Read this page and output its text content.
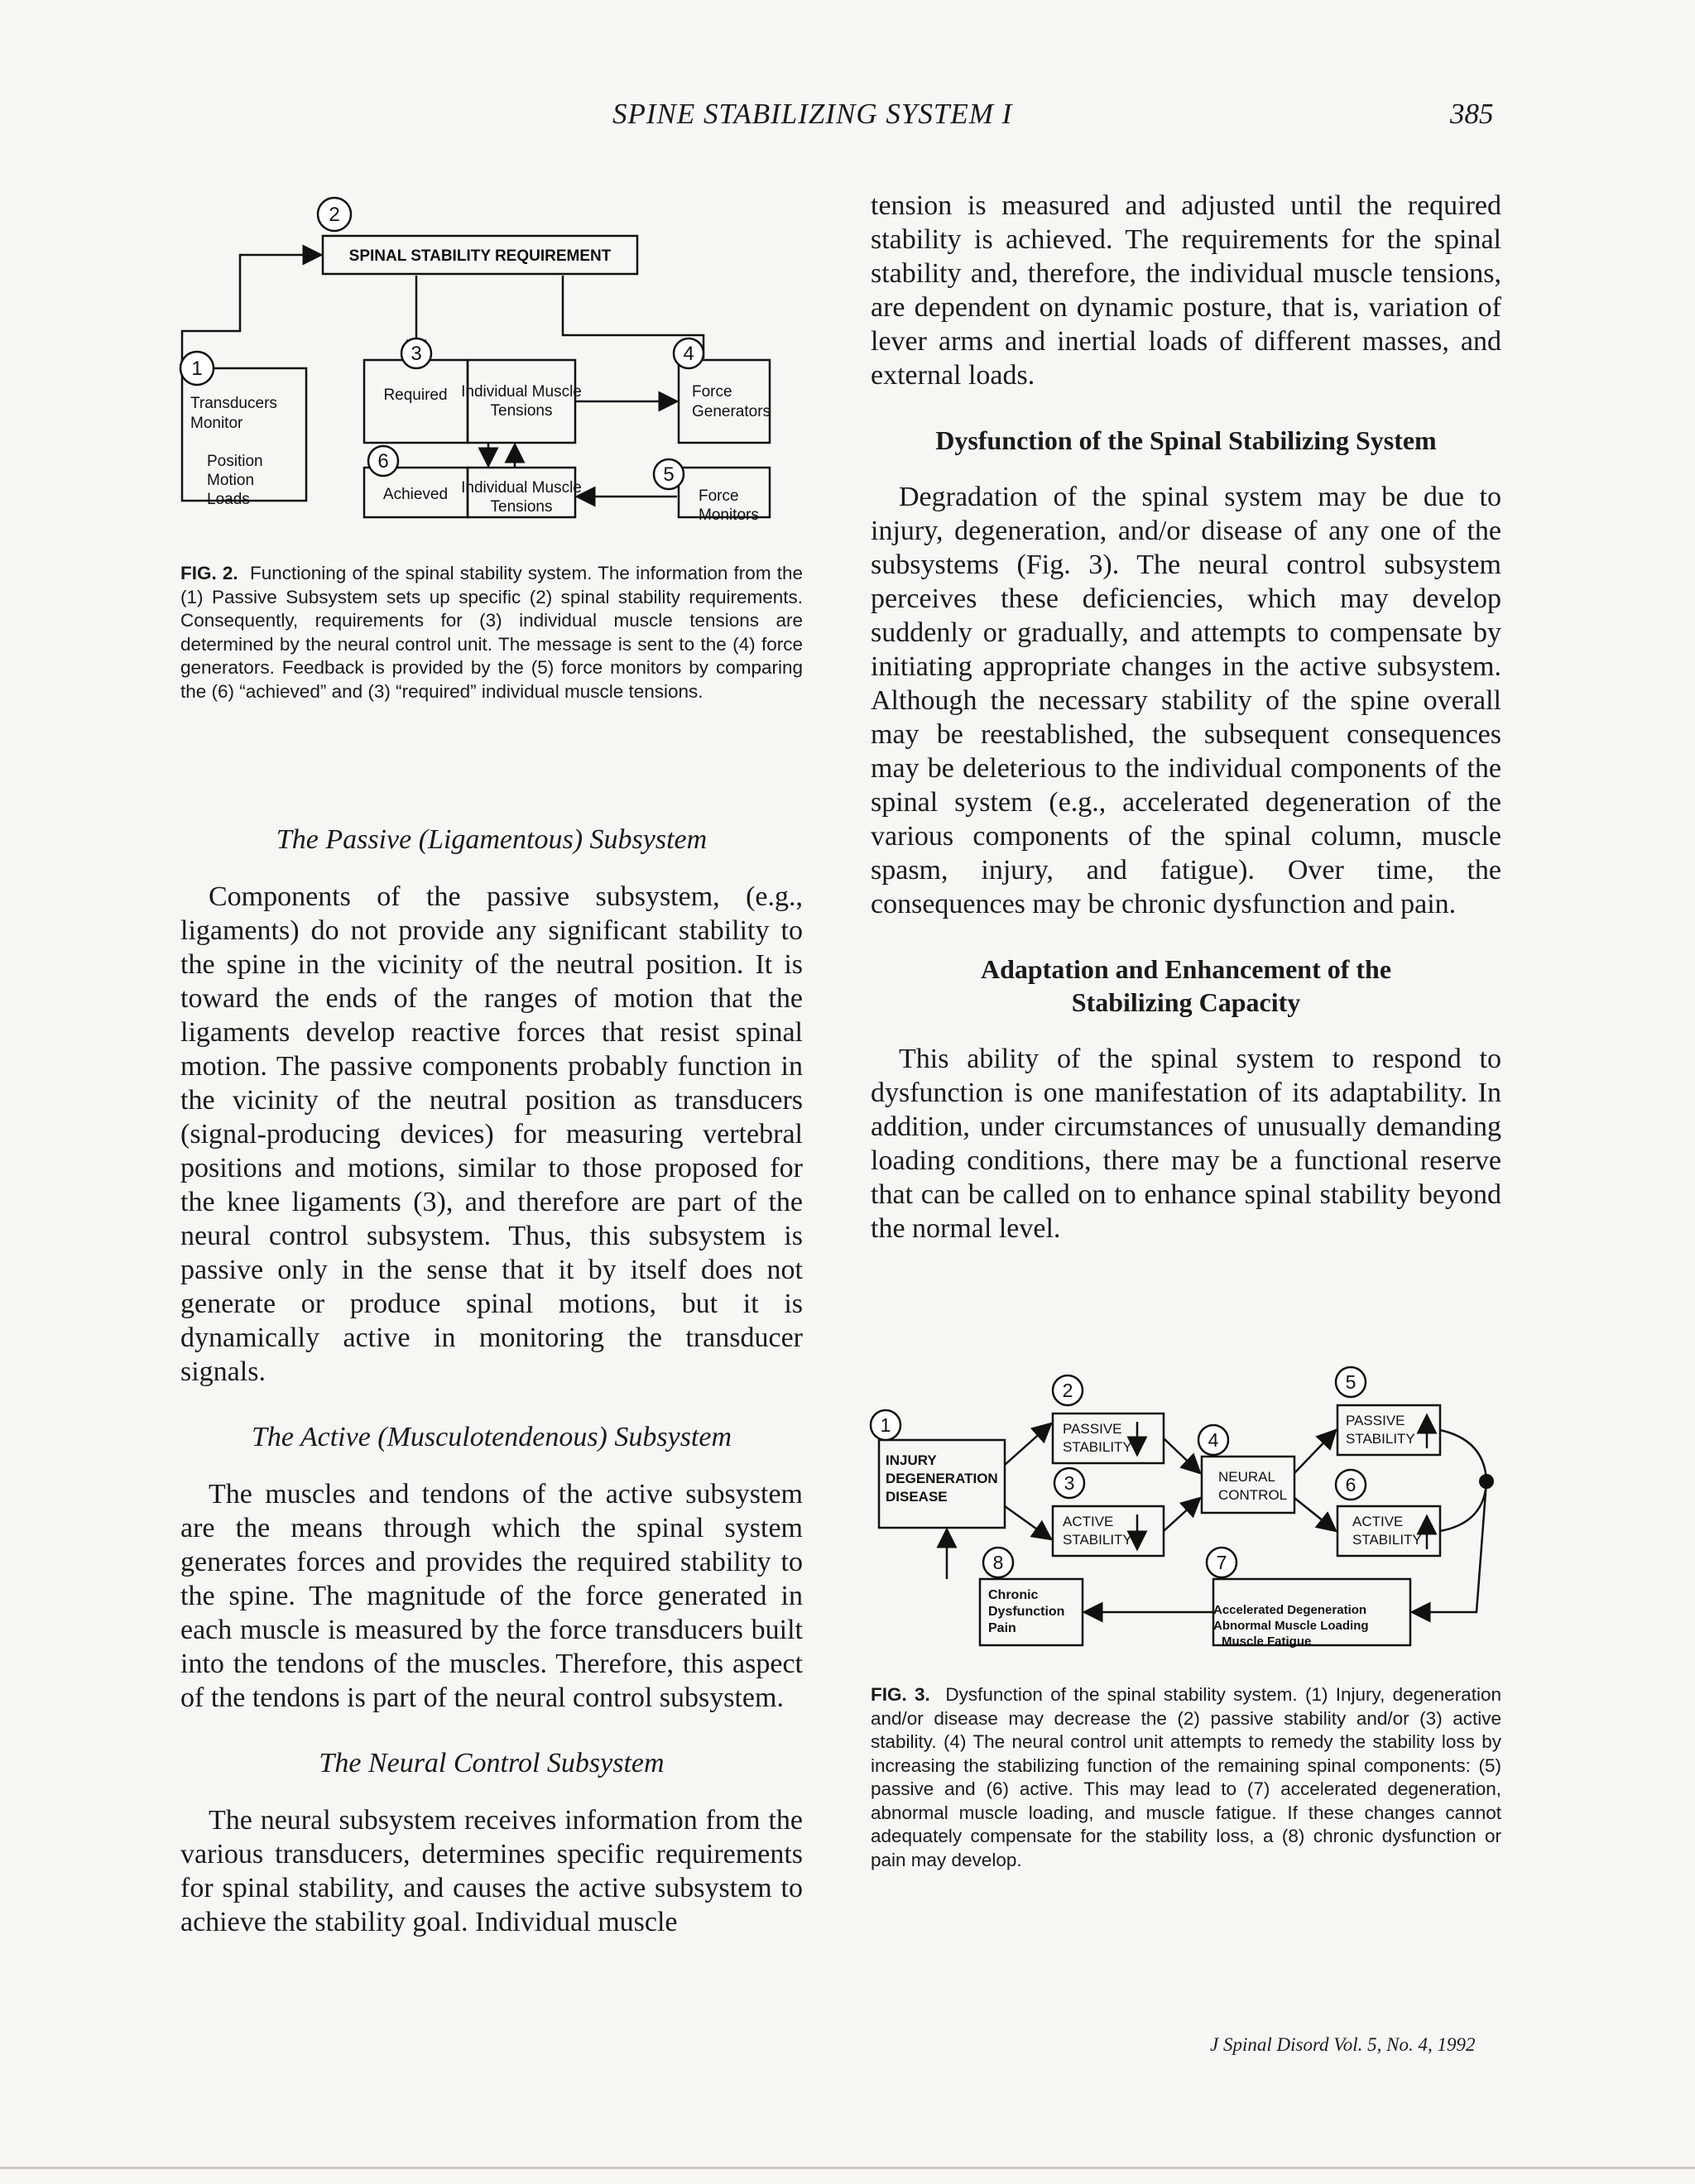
SPINE STABILIZING SYSTEM I	385
2
1
3	4
6
5
SPINAL STABILITY REQUIREMENT
Transducers
Monitor
Position
Motion
Loads
Required
Achieved
Individual Muscle
Tensions
Individual Muscle
Tensions
Force
Generators
Force
Monitors
FIG. 2. Functioning of the spinal stability system. The information from the (1) Passive Subsystem sets up specific (2) spinal stability requirements. Consequently, requirements for (3) individual muscle tensions are determined by the neural control unit. The message is sent to the (4) force generators. Feedback is provided by the (5) force monitors by comparing the (6) “achieved” and (3) “required” individual muscle tensions.

The Passive (Ligamentous) Subsystem

Components of the passive subsystem, (e.g., ligaments) do not provide any significant stability to the spine in the vicinity of the neutral position. It is toward the ends of the ranges of motion that the ligaments develop reactive forces that resist spinal motion. The passive components probably function in the vicinity of the neutral position as transducers (signal-producing devices) for measuring vertebral positions and motions, similar to those proposed for the knee ligaments (3), and therefore are part of the neural control subsystem. Thus, this subsystem is passive only in the sense that it by itself does not generate or produce spinal motions, but it is dynamically active in monitoring the transducer signals.

The Active (Musculotendenous) Subsystem

The muscles and tendons of the active subsystem are the means through which the spinal system generates forces and provides the required stability to the spine. The magnitude of the force generated in each muscle is measured by the force transducers built into the tendons of the muscles. Therefore, this aspect of the tendons is part of the neural control subsystem.

The Neural Control Subsystem

The neural subsystem receives information from the various transducers, determines specific requirements for spinal stability, and causes the active subsystem to achieve the stability goal. Individual muscle

tension is measured and adjusted until the required stability is achieved. The requirements for the spinal stability and, therefore, the individual muscle tensions, are dependent on dynamic posture, that is, variation of lever arms and inertial loads of different masses, and external loads.

Dysfunction of the Spinal Stabilizing System

Degradation of the spinal system may be due to injury, degeneration, and/or disease of any one of the subsystems (Fig. 3). The neural control subsystem perceives these deficiencies, which may develop suddenly or gradually, and attempts to compensate by initiating appropriate changes in the active subsystem. Although the necessary stability of the spine overall may be reestablished, the subsequent consequences may be deleterious to the individual components of the spinal system (e.g., accelerated degeneration of the various components of the spinal column, muscle spasm, injury, and fatigue). Over time, the consequences may be chronic dysfunction and pain.

Adaptation and Enhancement of the

Stabilizing Capacity

This ability of the spinal system to respond to dysfunction is one manifestation of its adaptability. In addition, under circumstances of unusually demanding loading conditions, there may be a functional reserve that can be called on to enhance spinal stability beyond the normal level.

1
2
3
4
5
6
7
8
INJURY
DEGENERATION
DISEASE
Accelerated Degeneration
Abnormal Muscle Loading
Muscle Fatigue
Chronic
Dysfunction
Pain
PASSIVE
STABILITY
ACTIVE
STABILITY
NEURAL
CONTROL
PASSIVE
STABILITY
ACTIVE
STABILITY
FIG. 3. Dysfunction of the spinal stability system. (1) Injury, degeneration and/or disease may decrease the (2) passive stability and/or (3) active stability. (4) The neural control unit attempts to remedy the stability loss by increasing the stabilizing function of the remaining spinal components: (5) passive and (6) active. This may lead to (7) accelerated degeneration, abnormal muscle loading, and muscle fatigue. If these changes cannot adequately compensate for the stability loss, a (8) chronic dysfunction or pain may develop.
J Spinal Disord Vol. 5, No. 4, 1992
